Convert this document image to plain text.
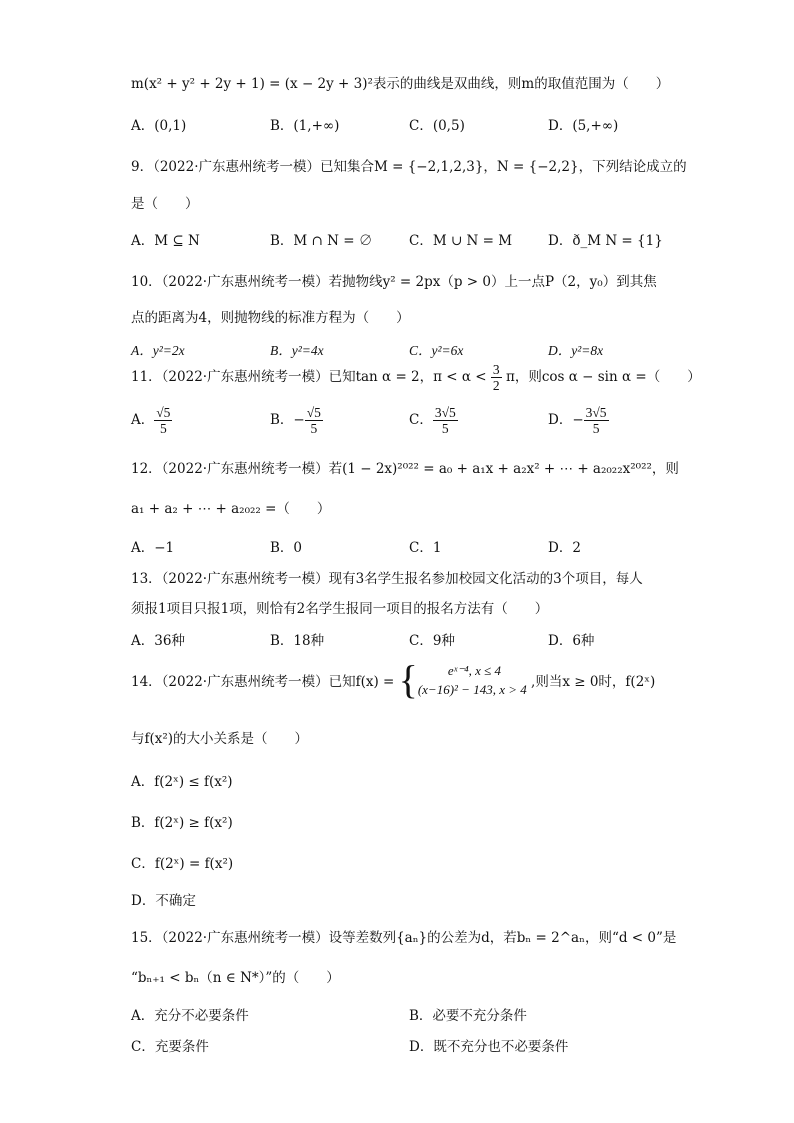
m(x² + y² + 2y + 1) = (x − 2y + 3)²表示的曲线是双曲线，则m的取值范围为（　　）
A．(0,1)	B．(1,+∞)	C．(0,5)	D．(5,+∞)
9．（2022·广东惠州统考一模）已知集合M = {−2,1,2,3}，N = {−2,2}，下列结论成立的
是（　　）
A．M ⊆ N	B．M ∩ N = ∅	C．M ∪ N = M	D．ð_M N = {1}
10．（2022·广东惠州统考一模）若抛物线y² = 2px（p > 0）上一点P（2，y₀）到其焦
点的距离为4，则抛物线的标准方程为（　　）
A．y²=2x	B．y²=4x	C．y²=6x	D．y²=8x
11．（2022·广东惠州统考一模）已知tan α = 2，$\pi < \alpha < \frac{3}{2}$ π，则cos α − sin α =（　　）
A． $\frac{√5}{5}$	B．− $\frac{√5}{5}$	C． $\frac{3√5}{5}$	D．− $\frac{3√5}{5}$
12．（2022·广东惠州统考一模）若(1 − 2x)²⁰²² = a₀ + a₁x + a₂x² + ⋯ + a₂₀₂₂x²⁰²²，则
a₁ + a₂ + ⋯ + a₂₀₂₂ =（　　）
A．−1	B．0	C．1	D．2
13．（2022·广东惠州统考一模）现有3名学生报名参加校园文化活动的3个项目，每人
须报1项目只报1项，则恰有2名学生报同一项目的报名方法有（　　）
A．36种	B．18种	C．9种	D．6种
14．（2022·广东惠州统考一模）已知f(x) = {	eˣ⁻⁴, x ≤ 4
(x−16)² − 143, x > 4 ,则当x ≥ 0时，f(2ˣ)
与f(x²)的大小关系是（　　）
A．f(2ˣ) ≤ f(x²)
B．f(2ˣ) ≥ f(x²)
C．f(2ˣ) = f(x²)
D．不确定
15．（2022·广东惠州统考一模）设等差数列{aₙ}的公差为d，若bₙ = 2^aₙ，则“d < 0”是
“bₙ₊₁ < bₙ（n ∈ N*）”的（　　）
A．充分不必要条件	B．必要不充分条件
C．充要条件	D．既不充分也不必要条件
